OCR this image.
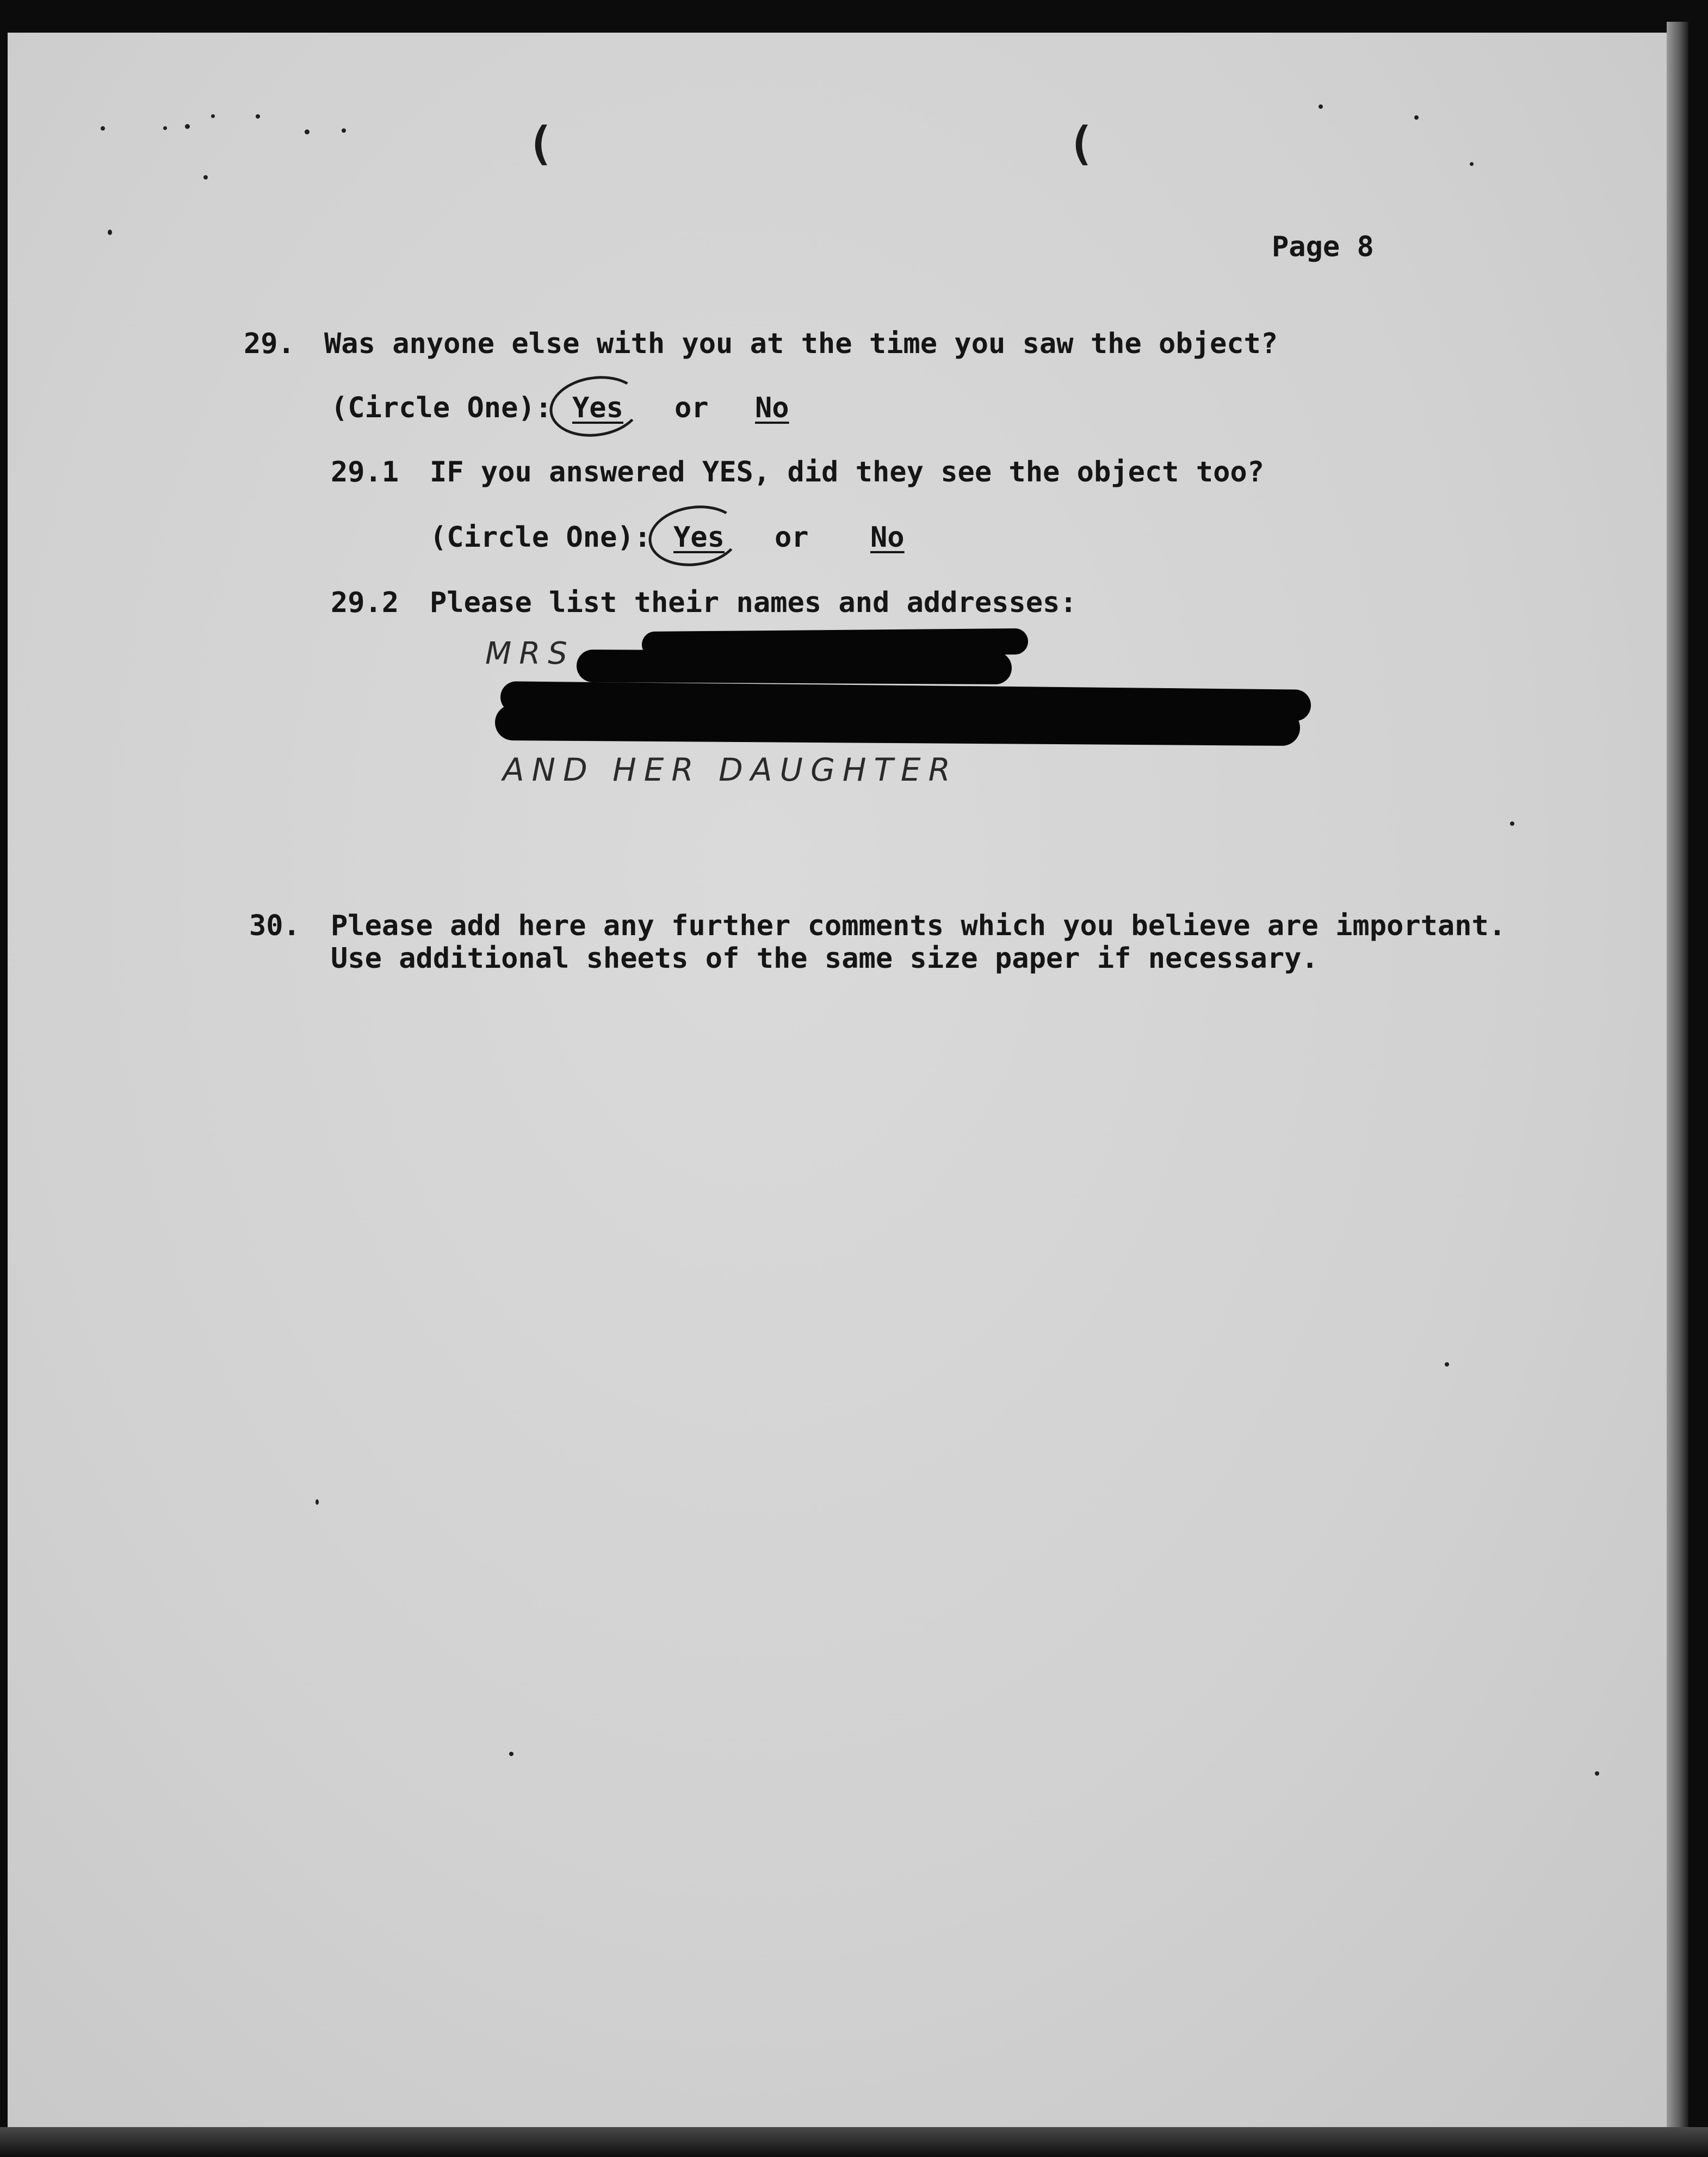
(	(
Page 8
29. Was anyone else with you at the time you saw the object?
(Circle One): Yes or No
29.1 IF you answered YES, did they see the object too?
(Circle One): Yes or No
29.2 Please list their names and addresses:
MRS
AND HER DAUGHTER
30. Please add here any further comments which you believe are important.
Use additional sheets of the same size paper if necessary.
